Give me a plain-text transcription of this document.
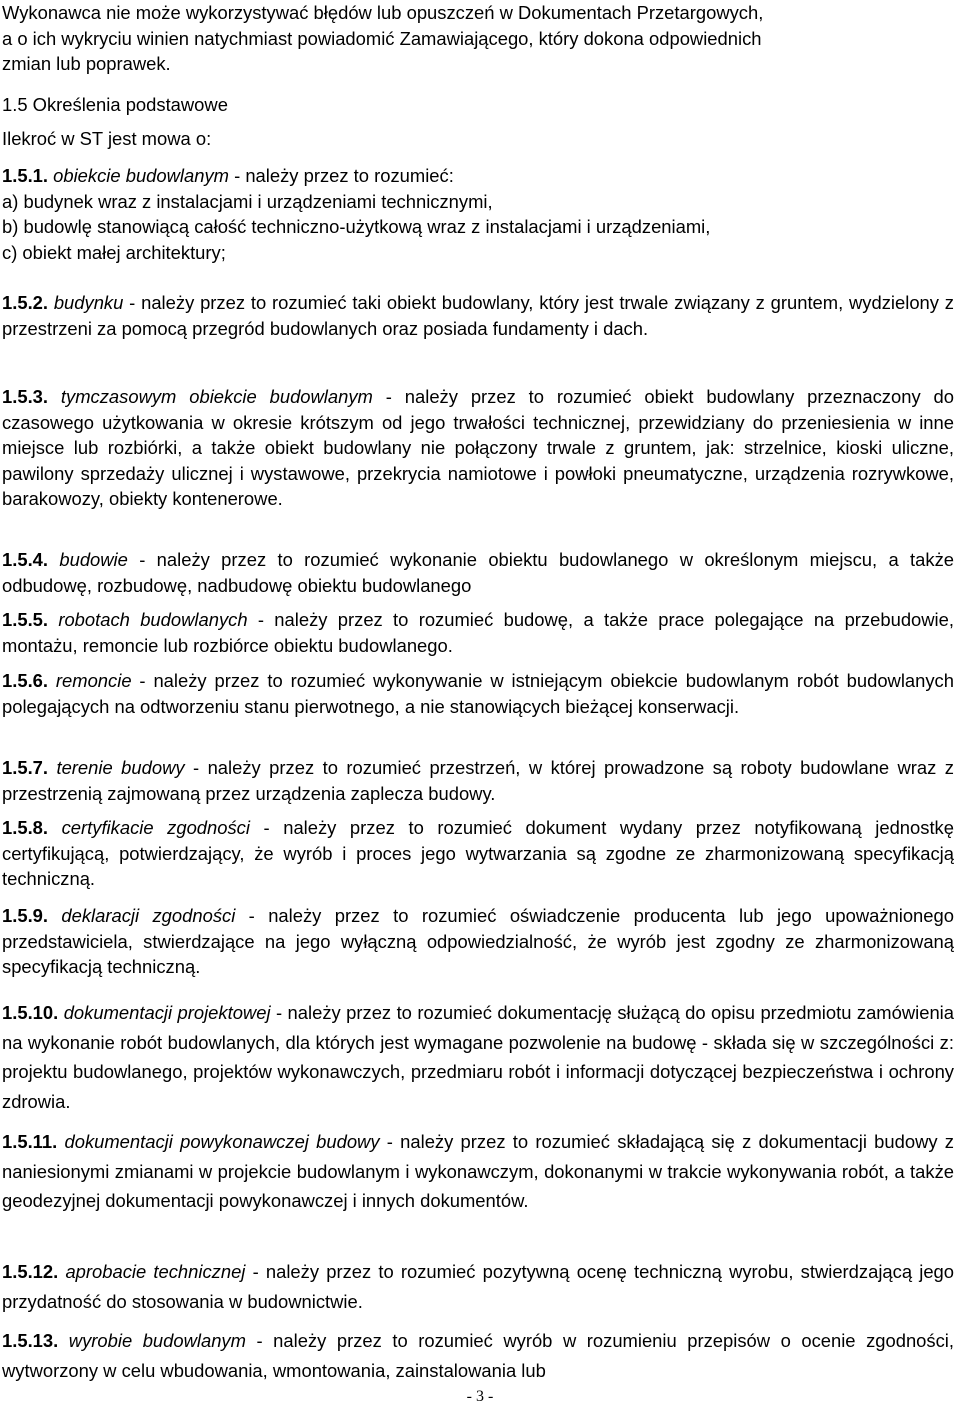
Wykonawca nie może wykorzystywać błędów lub opuszczeń w Dokumentach Przetargowych,

a o ich wykryciu winien natychmiast powiadomić Zamawiającego, który dokona odpowiednich

zmian lub poprawek.

1.5 Określenia podstawowe

Ilekroć w ST jest mowa o:

1.5.1. obiekcie budowlanym - należy przez to rozumieć:

a) budynek wraz z instalacjami i urządzeniami technicznymi,

b) budowlę stanowiącą całość techniczno-użytkową wraz z instalacjami i urządzeniami,

c) obiekt małej architektury;

1.5.2. budynku - należy przez to rozumieć taki obiekt budowlany, który jest trwale związany z gruntem, wydzielony z przestrzeni za pomocą przegród budowlanych oraz posiada fundamenty i dach.

1.5.3. tymczasowym obiekcie budowlanym - należy przez to rozumieć obiekt budowlany przeznaczony do czasowego użytkowania w okresie krótszym od jego trwałości technicznej, przewidziany do przeniesienia w inne miejsce lub rozbiórki, a także obiekt budowlany nie połączony trwale z gruntem, jak: strzelnice, kioski uliczne, pawilony sprzedaży ulicznej i wystawowe, przekrycia namiotowe i powłoki pneumatyczne, urządzenia rozrywkowe, barakowozy, obiekty kontenerowe.

1.5.4. budowie - należy przez to rozumieć wykonanie obiektu budowlanego w określonym miejscu, a także odbudowę, rozbudowę, nadbudowę obiektu budowlanego

1.5.5. robotach budowlanych - należy przez to rozumieć budowę, a także prace polegające na przebudowie, montażu, remoncie lub rozbiórce obiektu budowlanego.

1.5.6. remoncie - należy przez to rozumieć wykonywanie w istniejącym obiekcie budowlanym robót budowlanych polegających na odtworzeniu stanu pierwotnego, a nie stanowiących bieżącej konserwacji.

1.5.7. terenie budowy - należy przez to rozumieć przestrzeń, w której prowadzone są roboty budowlane wraz z przestrzenią zajmowaną przez urządzenia zaplecza budowy.

1.5.8. certyfikacie zgodności - należy przez to rozumieć dokument wydany przez notyfikowaną jednostkę certyfikującą, potwierdzający, że wyrób i proces jego wytwarzania są zgodne ze zharmonizowaną specyfikacją techniczną.

1.5.9. deklaracji zgodności - należy przez to rozumieć oświadczenie producenta lub jego upoważnionego przedstawiciela, stwierdzające na jego wyłączną odpowiedzialność, że wyrób jest zgodny ze zharmonizowaną specyfikacją techniczną.

1.5.10. dokumentacji projektowej - należy przez to rozumieć dokumentację służącą do opisu przedmiotu zamówienia na wykonanie robót budowlanych, dla których jest wymagane pozwolenie na budowę - składa się w szczególności z: projektu budowlanego, projektów wykonawczych, przedmiaru robót i informacji dotyczącej bezpieczeństwa i ochrony zdrowia.

1.5.11. dokumentacji powykonawczej budowy - należy przez to rozumieć składającą się z dokumentacji budowy z naniesionymi zmianami w projekcie budowlanym i wykonawczym, dokonanymi w trakcie wykonywania robót, a także geodezyjnej dokumentacji powykonawczej i innych dokumentów.

1.5.12. aprobacie technicznej - należy przez to rozumieć pozytywną ocenę techniczną wyrobu, stwierdzającą jego przydatność do stosowania w budownictwie.

1.5.13. wyrobie budowlanym - należy przez to rozumieć wyrób w rozumieniu przepisów o ocenie zgodności, wytworzony w celu wbudowania, wmontowania, zainstalowania lub

- 3 -
